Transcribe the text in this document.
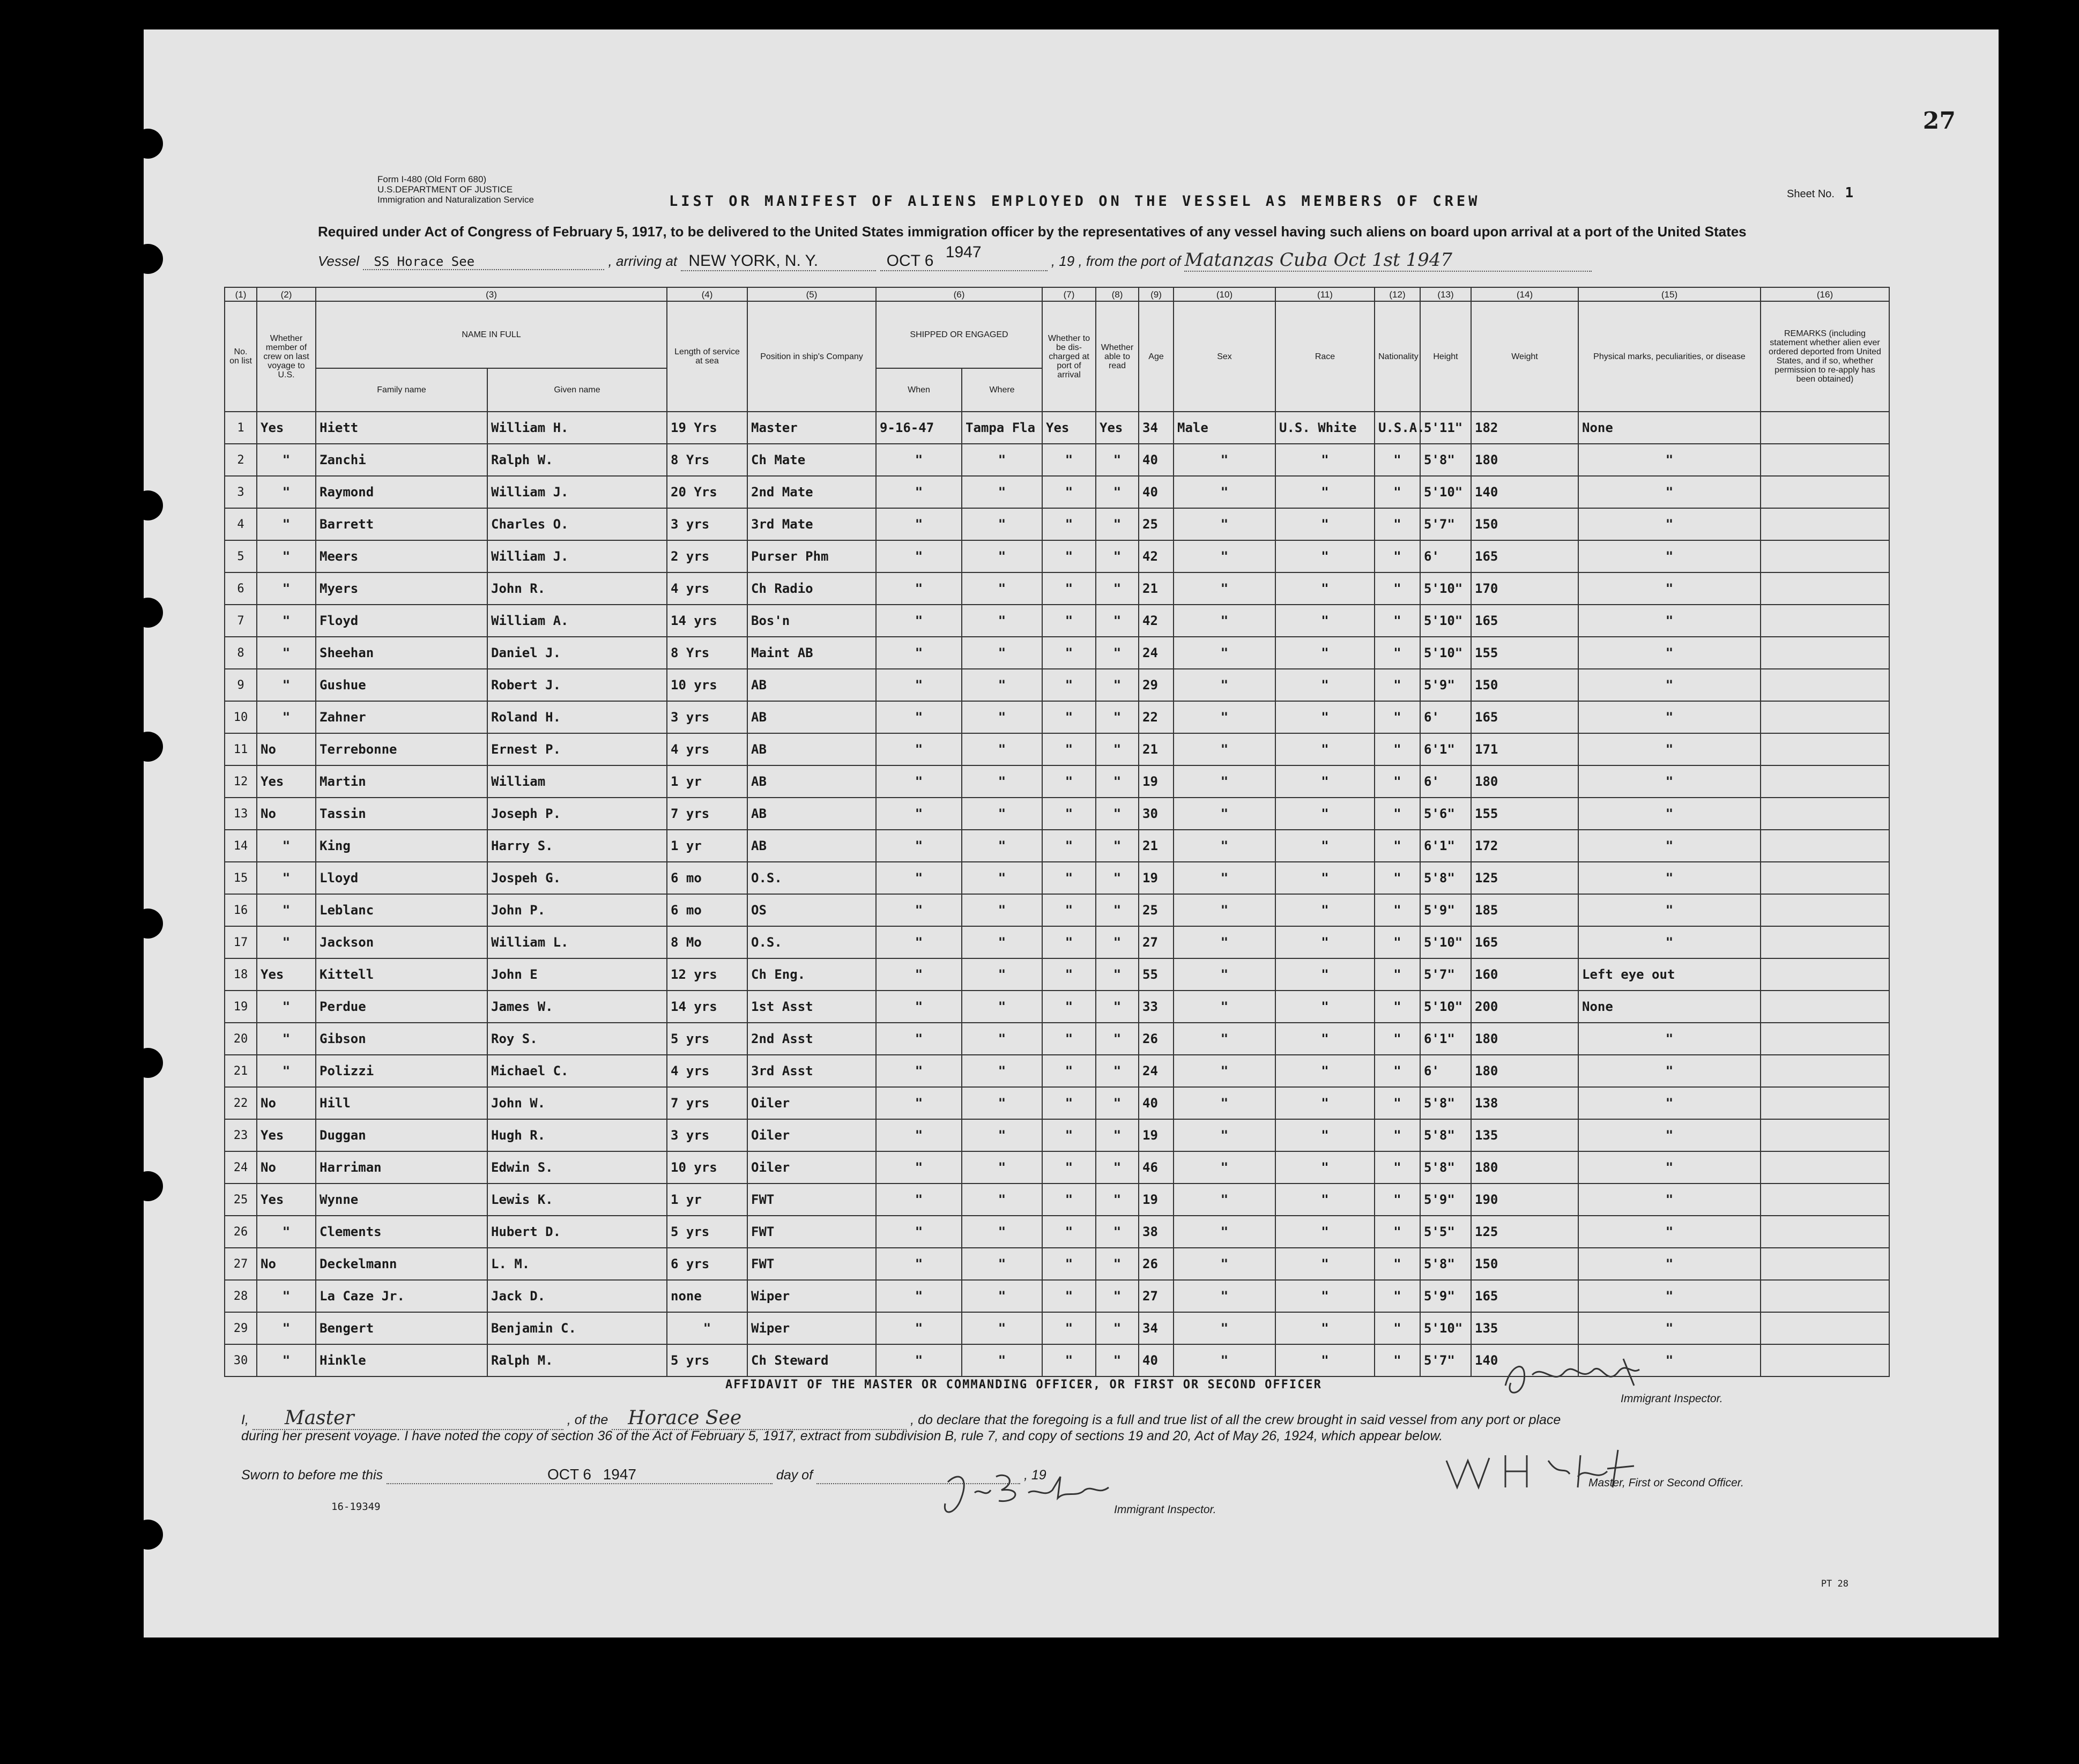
27
Form I-480 (Old Form 680)
U.S.DEPARTMENT OF JUSTICE
Immigration and Naturalization Service	LIST OR MANIFEST OF ALIENS EMPLOYED ON THE VESSEL AS MEMBERS OF CREW	Sheet No. 1
Required under Act of Congress of February 5, 1917, to be delivered to the United States immigration officer by the representatives of any vessel having such aliens on board upon arrival at a port of the United States
Vessel SS Horace See	, arriving at NEW YORK, N. Y.	OCT 6 1947	, 19 , from the port of Matanzas Cuba Oct 1st 1947
(1)	(2)	(3)		(4)	(5)	(6)		(7)	(8)	(9)	(10)	(11)	(12)	(13)	(14)	(15)	(16)	
No. on list	Whether member of crew on last voyage to U.S.	NAME IN FULL		Length of service at sea	Position in ship's Company	SHIPPED OR ENGAGED		Whether to be dis-charged at port of arrival	Whether able to read	Age	Sex	Race	Nationality	Height	Weight	Physical marks, peculiarities, or disease	REMARKS (including statement whether alien ever ordered deported from United States, and if so, whether permission to re-apply has been obtained)	
		Family name	Given name			When	Where											
1	Yes	Hiett	William H.	19 Yrs	Master	9-16-47	Tampa Fla	Yes	Yes	34	Male	U.S. White	U.S.A.	5'11"	182	None		
2	"	Zanchi	Ralph W.	8 Yrs	Ch Mate	"	"	"	"	40	"	"	"	5'8"	180	"		
3	"	Raymond	William J.	20 Yrs	2nd Mate	"	"	"	"	40	"	"	"	5'10"	140	"		
4	"	Barrett	Charles O.	3 yrs	3rd Mate	"	"	"	"	25	"	"	"	5'7"	150	"		
5	"	Meers	William J.	2 yrs	Purser Phm	"	"	"	"	42	"	"	"	6'	165	"		
6	"	Myers	John R.	4 yrs	Ch Radio	"	"	"	"	21	"	"	"	5'10"	170	"		
7	"	Floyd	William A.	14 yrs	Bos'n	"	"	"	"	42	"	"	"	5'10"	165	"		
8	"	Sheehan	Daniel J.	8 Yrs	Maint AB	"	"	"	"	24	"	"	"	5'10"	155	"		
9	"	Gushue	Robert J.	10 yrs	AB	"	"	"	"	29	"	"	"	5'9"	150	"		
10	"	Zahner	Roland H.	3 yrs	AB	"	"	"	"	22	"	"	"	6'	165	"		
11	No	Terrebonne	Ernest P.	4 yrs	AB	"	"	"	"	21	"	"	"	6'1"	171	"		
12	Yes	Martin	William	1 yr	AB	"	"	"	"	19	"	"	"	6'	180	"		
13	No	Tassin	Joseph P.	7 yrs	AB	"	"	"	"	30	"	"	"	5'6"	155	"		
14	"	King	Harry S.	1 yr	AB	"	"	"	"	21	"	"	"	6'1"	172	"		
15	"	Lloyd	Jospeh G.	6 mo	O.S.	"	"	"	"	19	"	"	"	5'8"	125	"		
16	"	Leblanc	John P.	6 mo	OS	"	"	"	"	25	"	"	"	5'9"	185	"		
17	"	Jackson	William L.	8 Mo	O.S.	"	"	"	"	27	"	"	"	5'10"	165	"		
18	Yes	Kittell	John E	12 yrs	Ch Eng.	"	"	"	"	55	"	"	"	5'7"	160	Left eye out		
19	"	Perdue	James W.	14 yrs	1st Asst	"	"	"	"	33	"	"	"	5'10"	200	None		
20	"	Gibson	Roy S.	5 yrs	2nd Asst	"	"	"	"	26	"	"	"	6'1"	180	"		
21	"	Polizzi	Michael C.	4 yrs	3rd Asst	"	"	"	"	24	"	"	"	6'	180	"		
22	No	Hill	John W.	7 yrs	Oiler	"	"	"	"	40	"	"	"	5'8"	138	"		
23	Yes	Duggan	Hugh R.	3 yrs	Oiler	"	"	"	"	19	"	"	"	5'8"	135	"		
24	No	Harriman	Edwin S.	10 yrs	Oiler	"	"	"	"	46	"	"	"	5'8"	180	"		
25	Yes	Wynne	Lewis K.	1 yr	FWT	"	"	"	"	19	"	"	"	5'9"	190	"		
26	"	Clements	Hubert D.	5 yrs	FWT	"	"	"	"	38	"	"	"	5'5"	125	"		
27	No	Deckelmann	L. M.	6 yrs	FWT	"	"	"	"	26	"	"	"	5'8"	150	"		
28	"	La Caze Jr.	Jack D.	none	Wiper	"	"	"	"	27	"	"	"	5'9"	165	"		
29	"	Bengert	Benjamin C.	"	Wiper	"	"	"	"	34	"	"	"	5'10"	135	"		
30	"	Hinkle	Ralph M.	5 yrs	Ch Steward	"	"	"	"	40	"	"	"	5'7"	140	"		
AFFIDAVIT OF THE MASTER OR COMMANDING OFFICER, OR FIRST OR SECOND OFFICER
I, Master	, of the Horace See	, do declare that the foregoing is a full and true list of all the crew brought in said vessel from any port or place
during her present voyage. I have noted the copy of section 36 of the Act of February 5, 1917, extract from subdivision B, rule 7, and copy of sections 19 and 20, Act of May 26, 1924, which appear below.
Sworn to before me this	OCT 6 1947	day of	, 19
Immigrant Inspector.
Master, First or Second Officer.
Immigrant Inspector.
16-19349
PT 28
